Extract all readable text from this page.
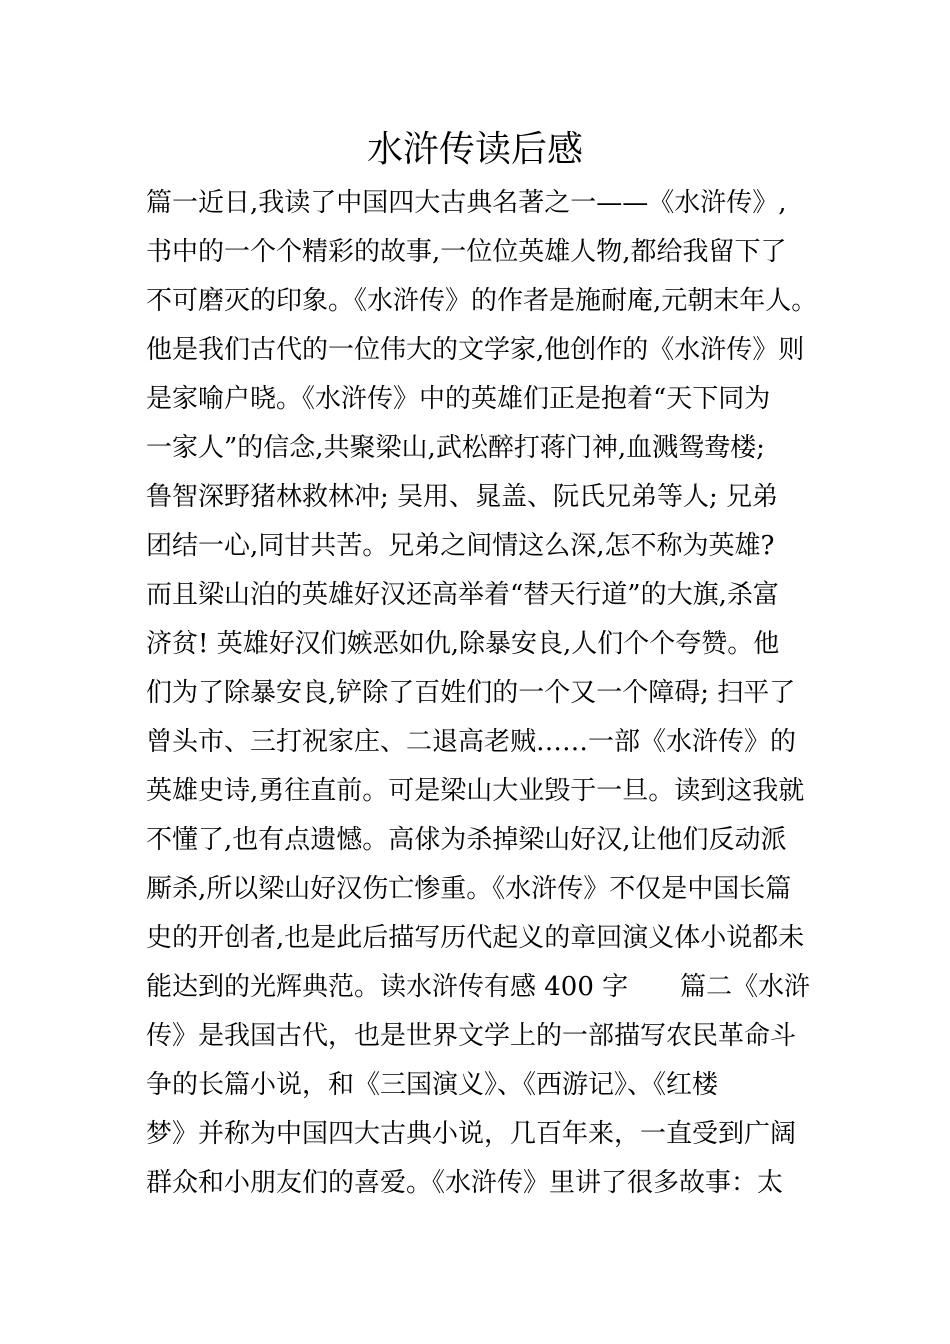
水浒传读后感
篇一近日,我读了中国四大古典名著之一——《水浒传》,
书中的一个个精彩的故事,一位位英雄人物,都给我留下了
不可磨灭的印象。《水浒传》的作者是施耐庵,元朝末年人。
他是我们古代的一位伟大的文学家,他创作的《水浒传》则
是家喻户晓。《水浒传》中的英雄们正是抱着“天下同为
一家人”的信念,共聚梁山,武松醉打蒋门神,血溅鸳鸯楼;
鲁智深野猪林救林冲; 吴用、晁盖、阮氏兄弟等人; 兄弟
团结一心,同甘共苦。兄弟之间情这么深,怎不称为英雄?
而且梁山泊的英雄好汉还高举着“替天行道”的大旗,杀富
济贫! 英雄好汉们嫉恶如仇,除暴安良,人们个个夸赞。他
们为了除暴安良,铲除了百姓们的一个又一个障碍; 扫平了
曾头市、三打祝家庄、二退高老贼……一部《水浒传》的
英雄史诗,勇往直前。可是梁山大业毁于一旦。读到这我就
不懂了,也有点遗憾。高俅为杀掉梁山好汉,让他们反动派
厮杀,所以梁山好汉伤亡惨重。《水浒传》不仅是中国长篇
史的开创者,也是此后描写历代起义的章回演义体小说都未
能达到的光辉典范。读水浒传有感 400 字　　篇二《水浒
传》是我国古代，也是世界文学上的一部描写农民革命斗
争的长篇小说，和《三国演义》、《西游记》、《红楼
梦》并称为中国四大古典小说，几百年来，一直受到广阔
群众和小朋友们的喜爱。《水浒传》里讲了很多故事：太
